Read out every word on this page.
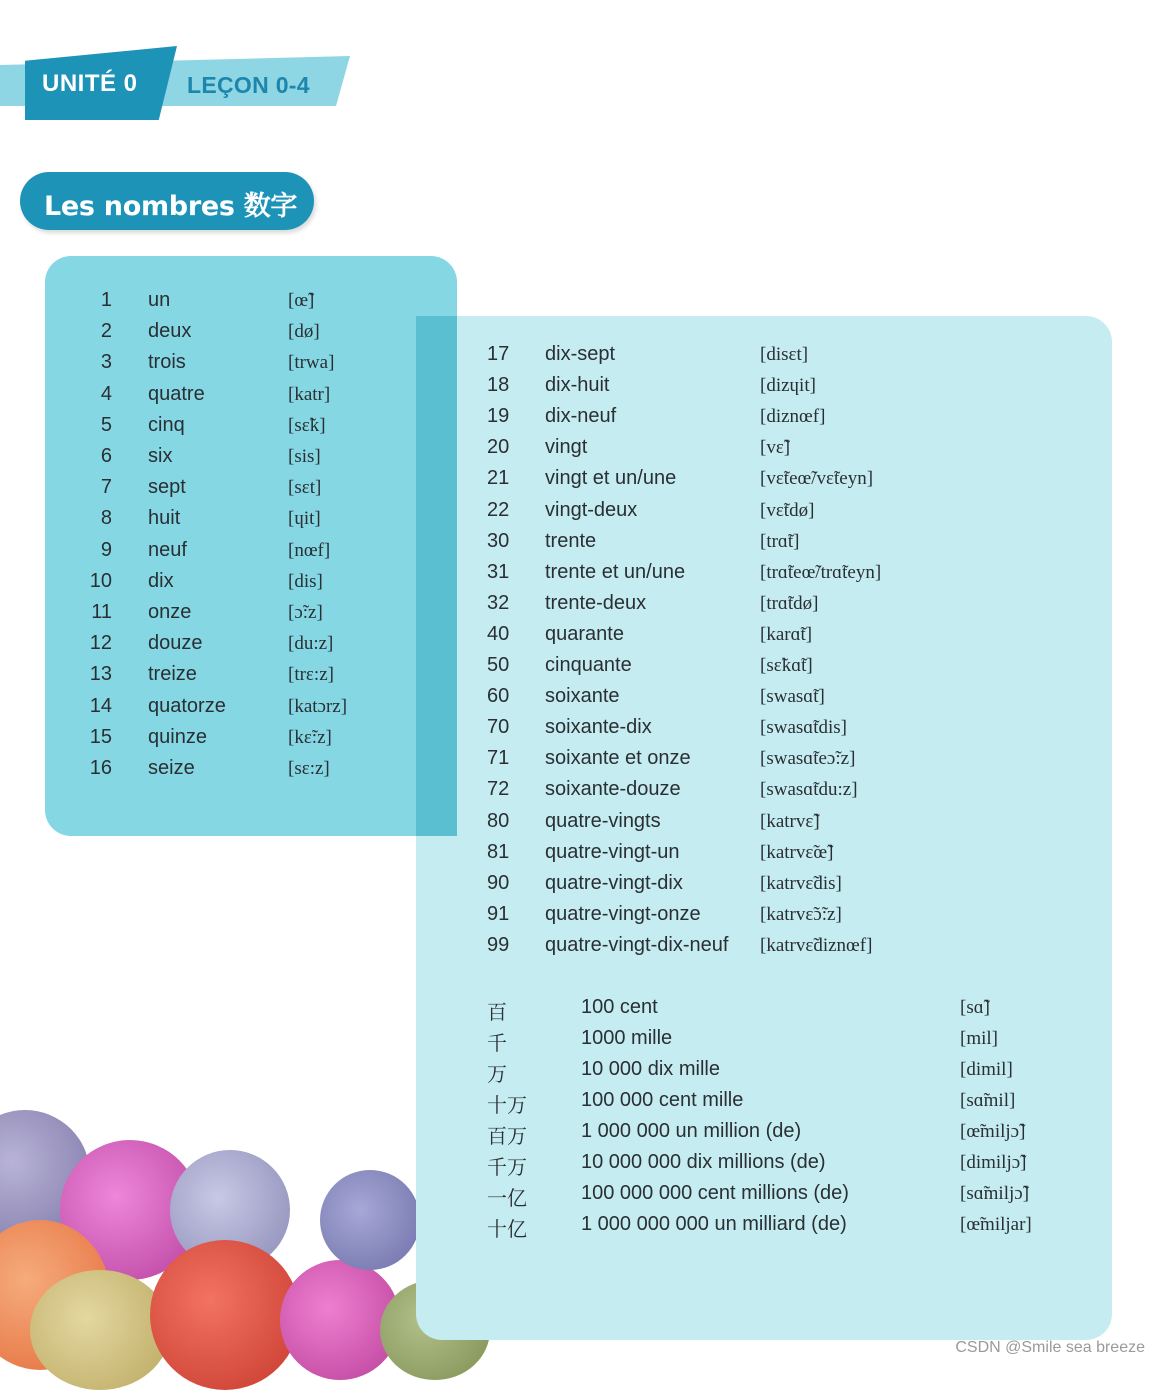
UNITÉ 0 LEÇON 0-4
Les nombres 数字
1 un	[œ̃]
2 deux	[dø]
3 trois	[trwa]
4 quatre	[katr]
5 cinq	[sɛ̃k]
6 six	[sis]
7 sept	[sɛt]
8 huit	[ɥit]
9 neuf	[nœf]
10 dix	[dis]
11 onze	[ɔ̃:z]
12 douze	[du:z]
13 treize	[trɛ:z]
14 quatorze	[katɔrz]
15 quinze	[kɛ̃:z]
16 seize	[sɛ:z]
17 dix-sept	[disɛt]
18 dix-huit	[dizɥit]
19 dix-neuf	[diznœf]
20 vingt	[vɛ̃]
21 vingt et un/une	[vɛ̃teœ̃/vɛ̃teyn]
22 vingt-deux	[vɛ̃tdø]
30 trente	[trɑ̃t]
31 trente et un/une	[trɑ̃teœ̃/trɑ̃teyn]
32 trente-deux	[trɑ̃tdø]
40 quarante	[karɑ̃t]
50 cinquante	[sɛ̃kɑ̃t]
60 soixante	[swasɑ̃t]
70 soixante-dix	[swasɑ̃tdis]
71 soixante et onze	[swasɑ̃teɔ̃:z]
72 soixante-douze	[swasɑ̃tdu:z]
80 quatre-vingts	[katrvɛ̃]
81 quatre-vingt-un	[katrvɛ̃œ̃]
90 quatre-vingt-dix	[katrvɛ̃dis]
91 quatre-vingt-onze	[katrvɛ̃ɔ̃:z]
99 quatre-vingt-dix-neuf [katrvɛ̃diznœf]
百	100 cent	[sɑ̃]
千	1000 mille	[mil]
万	10 000 dix mille	[dimil]
十万	100 000 cent mille	[sɑ̃mil]
百万	1 000 000 un million (de)	[œ̃miljɔ̃]
千万	10 000 000 dix millions (de)	[dimiljɔ̃]
一亿	100 000 000 cent millions (de)	[sɑ̃miljɔ̃]
十亿	1 000 000 000 un milliard (de)	[œ̃miljar]
CSDN @Smile sea breeze
